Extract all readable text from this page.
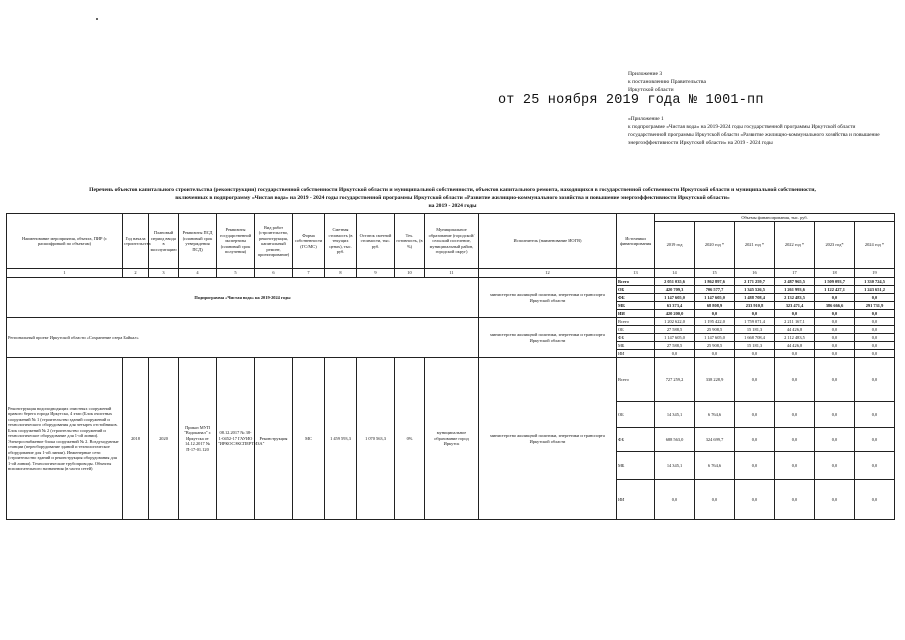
Приложение 3
к постановлению Правительства
Иркутской области
от 25 ноября 2019 года № 1001-пп
«Приложение 1
к подпрограмме «Чистая вода» на 2019-2024 годы государственной программы Иркутской области государственной программы Иркутской области «Развитие жилищно-коммунального хозяйства и повышение энергоэффективности Иркутской области» на 2019 - 2024 годы
Перечень объектов капитального строительства (реконструкции) государственной собственности Иркутской области и муниципальной собственности, объектов капитального ремонта, находящихся в государственной собственности Иркутской области и муниципальной собственности,
включенных в подпрограмму «Чистая вода» на 2019 - 2024 годы государственной программы Иркутской области «Развитие жилищно-коммунального хозяйства и повышение энергоэффективности Иркутской области»
на 2019 - 2024 годы
Наименование мероприятия, объекта, ПИР (с расшифровкой по объектам)	Год начала строительства	Плановый период ввода в эксплуатацию	Реквизиты ПСД (плановый срок утверждения ПСД)	Реквизиты государственной экспертизы (плановый срок получения)	Вид работ (строительство, реконструкция, капитальный ремонт, проектирование)	Форма собственности (ГС/МС)	Сметная стоимость (в текущих ценах), тыс. руб.	Остаток сметной стоимости, тыс. руб.	Тех. готовность, (в %)	Муниципальное образование (городской/сельский поселение, муниципальный район, городской округ)	Исполнитель (наименование ИОГВ)	Источники финансирования	Объемы финансирования, тыс. руб.					
													2019 год	2020 год *	2021 год *	2022 год *	2023 год*	2024 год *
1	2	3	4	5	6	7	8	9	10	11	12	13	14	15	16	17	18	19
Подпрограмма «Чистая вода» на 2019-2024 годы											министерство жилищной политики, энергетики и транспорта Иркутской области	Всего	2 051 035,6	1 862 897,6	2 171 259,7	2 487 965,5	1 509 093,7	1 330 724,5
												ОБ	420 709,3	706 577,7	1 345 526,5	1 261 993,6	1 122 427,1	1 243 651,2
												ФБ	1 147 605,0	1 147 605,0	1 488 708,4	2 132 483,5	0,0	0,0
												МБ	63 373,4	68 808,9	233 910,8	323 471,4	386 666,6	291 731,9
												ИИ	420 200,0	0,0	0,0	0,0	0,0	0,0
Региональный проект Иркутской области «Сохранение озера Байкал»											министерство жилищной политики, энергетики и транспорта Иркутской области	Всего	1 202 622,0	1 195 422,0	1 759 071,4	2 211 167,1	0,0	0,0
												ОБ	27 588,5	25 908,5	15 181,3	44 426,8	0,0	0,0
												ФБ	1 147 605,0	1 147 605,0	1 668 708,4	2 112 483,5	0,0	0,0
												МБ	27 588,5	25 908,5	15 181,3	44 426,8	0,0	0,0
												ИИ	0,0	0,0	0,0	0,0	0,0	0,0
Реконструкция водоподводящих очистных сооружений правого берега города Иркутска, 4 этап (Блок очистных сооружений № 1 (строительство зданий сооружений и технологического оборудования для четырех отстойников. Блок сооружений № 2 (строительство сооружений и технологическое оборудование для 1-ой линии). Электроснабжение блока сооружений № 2. Воздуходувные станции (переоборудование зданий и технологическое оборудование для 1-ой линии). Инженерные сети (строительство зданий и реконструкция оборудования для 1-ой линии). Технологические трубопроводы. Объекты вспомогательного назначения (в части сетей)	2018	2020	Приказ МУП "Водоканал" г. Иркутска от 14.12.2017 № П-17-01.120	08.12.2017 № 38-1-0452-17 ГАУИО "ИРКОСЭКСПЕРТИЗА"	Реконструкция	МС	1 459 593,3	1 070 563,3	0%	муниципальное образование город Иркутск	министерство жилищной политики, энергетики и транспорта Иркутской области	Всего	727 259,2	338 228,9	0,0	0,0	0,0	0,0
												ОБ	14 345,1	6 764,6	0,0	0,0	0,0	0,0
												ФБ	688 563,0	324 699,7	0,0	0,0	0,0	0,0
												МБ	14 345,1	6 764,6	0,0	0,0	0,0	0,0
												ИИ	0,0	0,0	0,0	0,0	0,0	0,0
